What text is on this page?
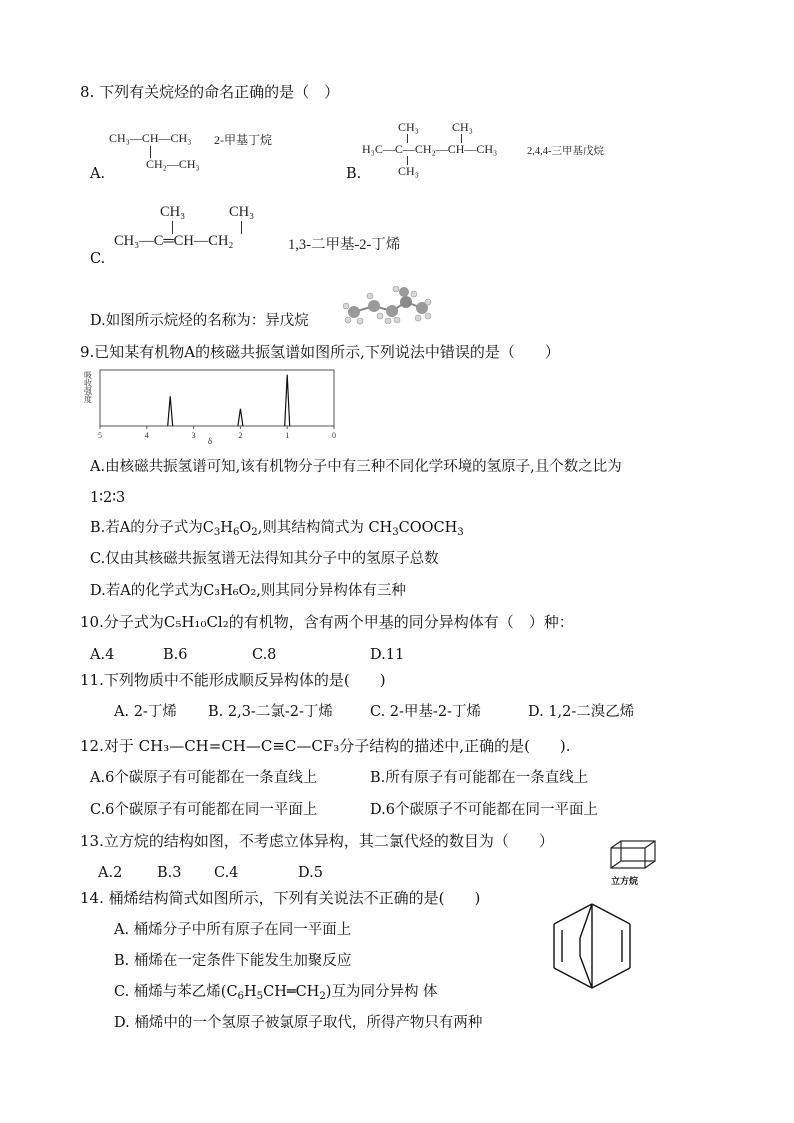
8. 下列有关烷烃的命名正确的是（　）
CH₃—CH—CH₃
CH₂—CH₃
2-甲基丁烷
A.
CH₃	CH₃
H₃C—C—CH₂—CH—CH₃
CH₃
2,4,4-三甲基戊烷
B.
CH₃	CH₃
CH₃—C═CH—CH₂	1,3-二甲基-2-丁烯
C.
D.如图所示烷烃的名称为：异戊烷
9.已知某有机物A的核磁共振氢谱如图所示,下列说法中错误的是（　　）
吸
收
强
度
5	4	3	2	1	0
δ
A.由核磁共振氢谱可知,该有机物分子中有三种不同化学环境的氢原子,且个数之比为
1∶2∶3
B.若A的分子式为$C_3H_6O_2$,则其结构简式为 $CH_3COOCH_3$
C.仅由其核磁共振氢谱无法得知其分子中的氢原子总数
D.若A的化学式为C₃H₆O₂,则其同分异构体有三种
10.分子式为C₅H₁₀Cl₂的有机物，含有两个甲基的同分异构体有（　）种：
A.4	B.6	C.8	D.11
11.下列物质中不能形成顺反异构体的是(　　)
A. 2-丁烯 B. 2,3-二氯-2-丁烯	C. 2-甲基-2-丁烯	D. 1,2-二溴乙烯
12.对于 CH₃—CH=CH—C≡C—CF₃分子结构的描述中,正确的是(　　).
A.6个碳原子有可能都在一条直线上	B.所有原子有可能都在一条直线上
C.6个碳原子有可能都在同一平面上	D.6个碳原子不可能都在同一平面上
13.立方烷的结构如图，不考虑立体异构，其二氯代烃的数目为（　　）
A.2 B.3 C.4	D.5
立方烷
14. 桶烯结构简式如图所示，下列有关说法不正确的是(　　)
A. 桶烯分子中所有原子在同一平面上
B. 桶烯在一定条件下能发生加聚反应
C. 桶烯与苯乙烯$(C_6H_5CH═CH_2)$互为同分异构 体
D. 桶烯中的一个氢原子被氯原子取代，所得产物只有两种
